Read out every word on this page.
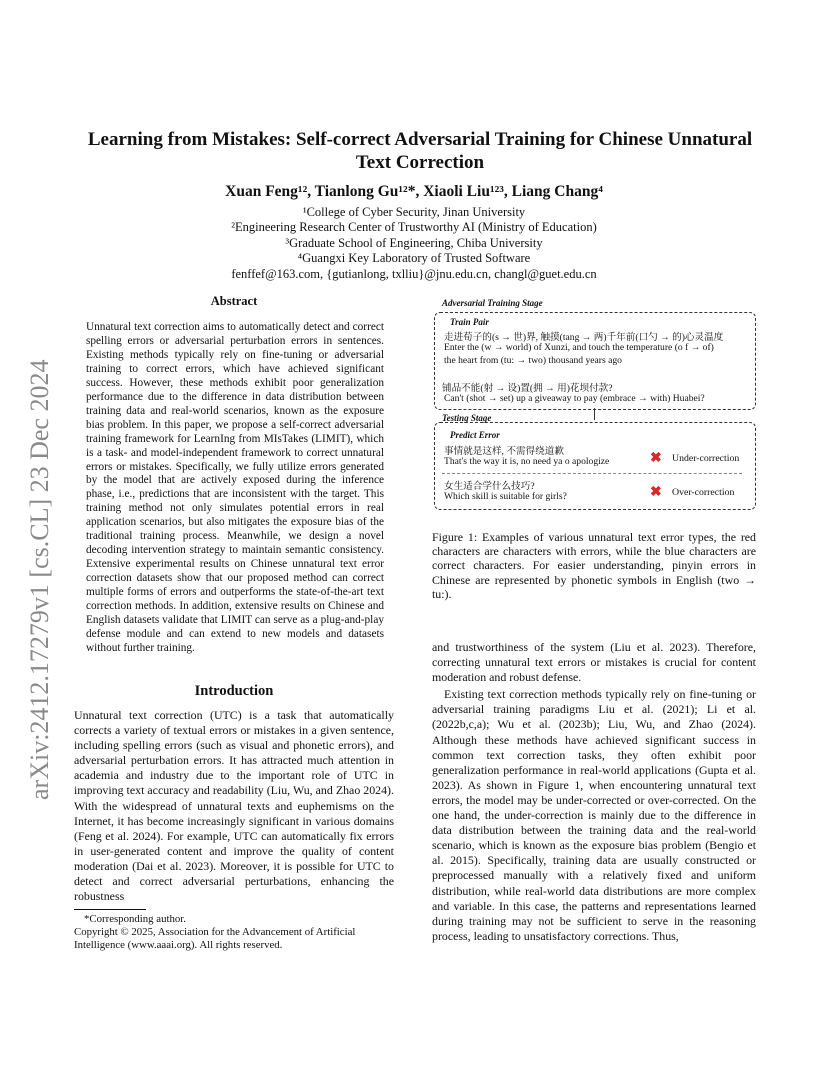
arXiv:2412.17279v1 [cs.CL] 23 Dec 2024
Learning from Mistakes: Self-correct Adversarial Training for Chinese Unnatural Text Correction
Xuan Feng¹², Tianlong Gu¹²*, Xiaoli Liu¹²³, Liang Chang⁴
¹College of Cyber Security, Jinan University
²Engineering Research Center of Trustworthy AI (Ministry of Education)
³Graduate School of Engineering, Chiba University
⁴Guangxi Key Laboratory of Trusted Software
fenffef@163.com, {gutianlong, txlliu}@jnu.edu.cn, changl@guet.edu.cn
Abstract
Unnatural text correction aims to automatically detect and correct spelling errors or adversarial perturbation errors in sentences. Existing methods typically rely on fine-tuning or adversarial training to correct errors, which have achieved significant success. However, these methods exhibit poor generalization performance due to the difference in data distribution between training data and real-world scenarios, known as the exposure bias problem. In this paper, we propose a self-correct adversarial training framework for LearnIng from MIsTakes (LIMIT), which is a task- and model-independent framework to correct unnatural errors or mistakes. Specifically, we fully utilize errors generated by the model that are actively exposed during the inference phase, i.e., predictions that are inconsistent with the target. This training method not only simulates potential errors in real application scenarios, but also mitigates the exposure bias of the traditional training process. Meanwhile, we design a novel decoding intervention strategy to maintain semantic consistency. Extensive experimental results on Chinese unnatural text error correction datasets show that our proposed method can correct multiple forms of errors and outperforms the state-of-the-art text correction methods. In addition, extensive results on Chinese and English datasets validate that LIMIT can serve as a plug-and-play defense module and can extend to new models and datasets without further training.
Introduction
Unnatural text correction (UTC) is a task that automatically corrects a variety of textual errors or mistakes in a given sentence, including spelling errors (such as visual and phonetic errors), and adversarial perturbation errors. It has attracted much attention in academia and industry due to the important role of UTC in improving text accuracy and readability (Liu, Wu, and Zhao 2024). With the widespread of unnatural texts and euphemisms on the Internet, it has become increasingly significant in various domains (Feng et al. 2024). For example, UTC can automatically fix errors in user-generated content and improve the quality of content moderation (Dai et al. 2023). Moreover, it is possible for UTC to detect and correct adversarial perturbations, enhancing the robustness
*Corresponding author.
Copyright © 2025, Association for the Advancement of Artificial Intelligence (www.aaai.org). All rights reserved.
Adversarial Training Stage
Train Pair
走进荀子的(s → 世)界, 触摸(tang → 两)千年前(口勺 → 的)心灵温度
Enter the (w → world) of Xunzi, and touch the temperature (o f → of)
the heart from (tu: → two) thousand years ago
铺品不能(射 → 设)置(拥 → 用)花坝付款?
Can't (shot → set) up a giveaway to pay (embrace → with) Huabei?
Testing Stage
Predict Error
事情就是这样, 不需得绕道歉
That's the way it is, no need ya o apologize	✖ Under-correction
女生适合学什么技巧?
Which skill is suitable for girls?	✖ Over-correction
Figure 1: Examples of various unnatural text error types, the red characters are characters with errors, while the blue characters are correct characters. For easier understanding, pinyin errors in Chinese are represented by phonetic symbols in English (two → tu:).

and trustworthiness of the system (Liu et al. 2023). Therefore, correcting unnatural text errors or mistakes is crucial for content moderation and robust defense.

Existing text correction methods typically rely on fine-tuning or adversarial training paradigms Liu et al. (2021); Li et al. (2022b,c,a); Wu et al. (2023b); Liu, Wu, and Zhao (2024). Although these methods have achieved significant success in common text correction tasks, they often exhibit poor generalization performance in real-world applications (Gupta et al. 2023). As shown in Figure 1, when encountering unnatural text errors, the model may be under-corrected or over-corrected. On the one hand, the under-correction is mainly due to the difference in data distribution between the training data and the real-world scenario, which is known as the exposure bias problem (Bengio et al. 2015). Specifically, training data are usually constructed or preprocessed manually with a relatively fixed and uniform distribution, while real-world data distributions are more complex and variable. In this case, the patterns and representations learned during training may not be sufficient to serve in the reasoning process, leading to unsatisfactory corrections. Thus,
